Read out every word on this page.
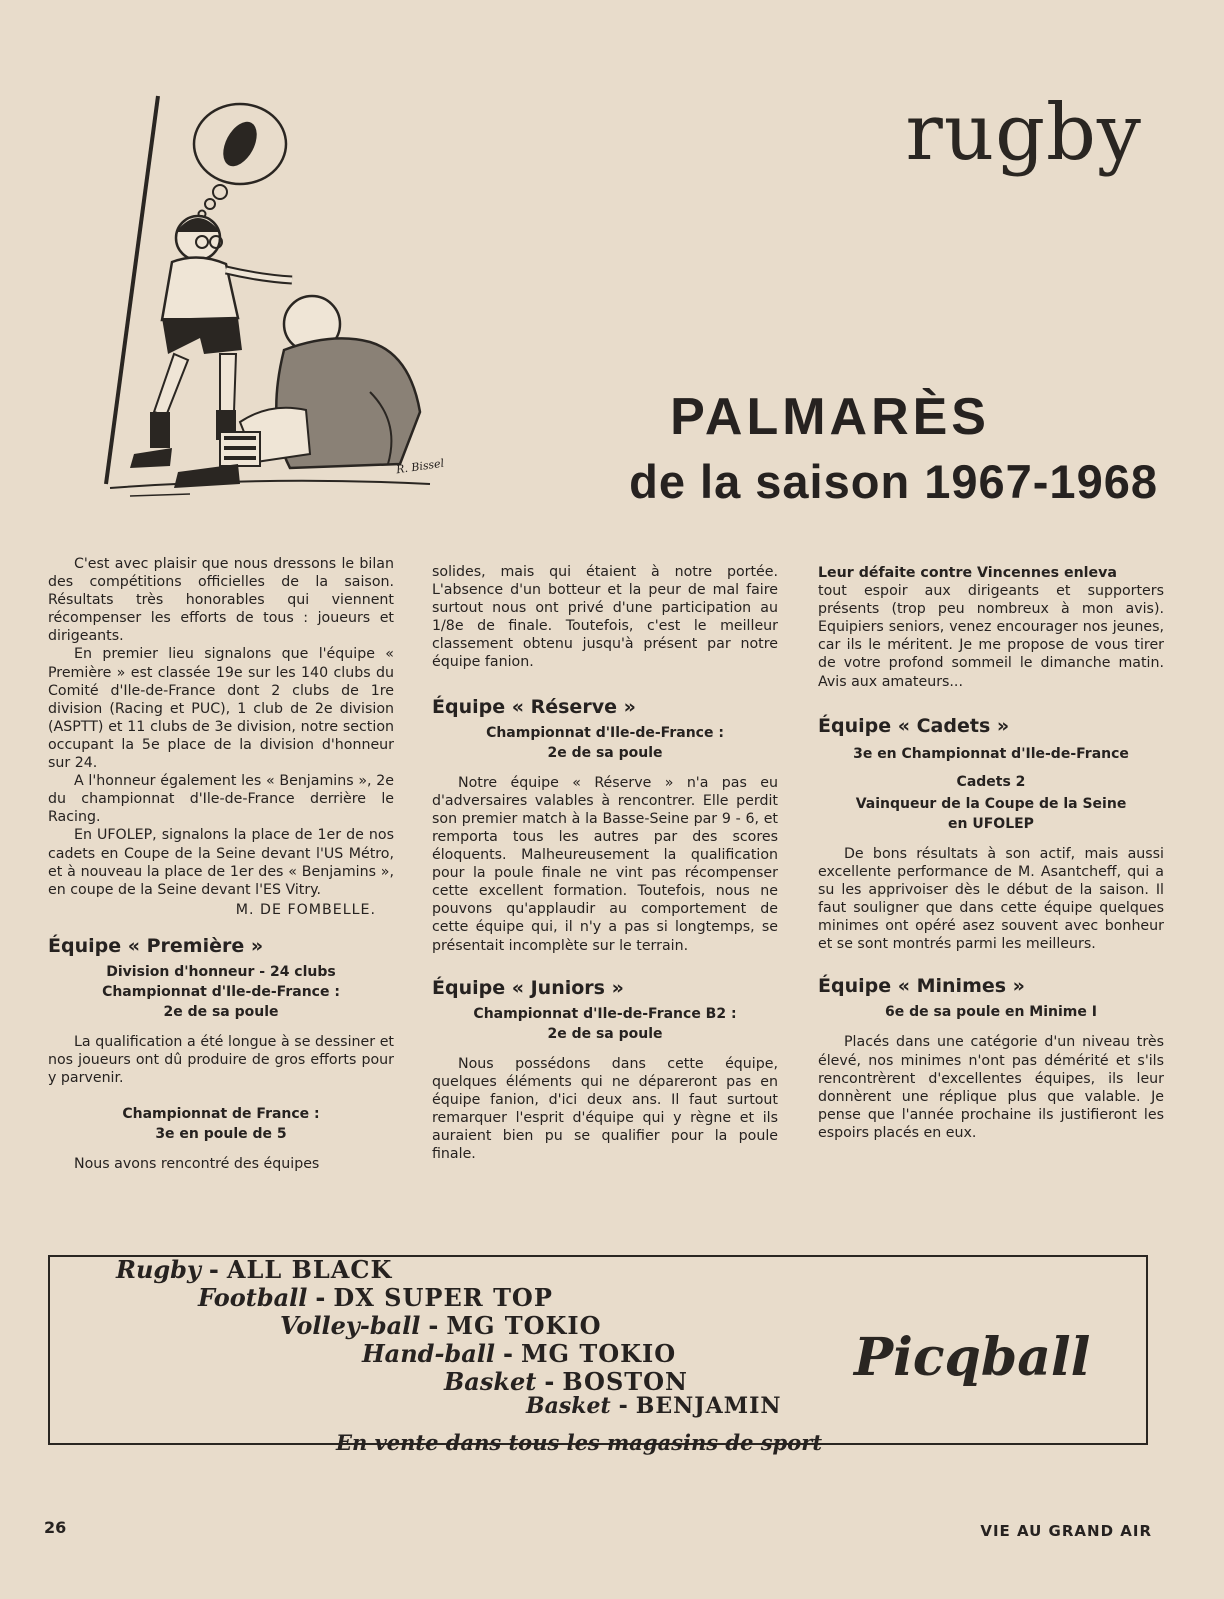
rugby
R. Bissel
PALMARÈS
de la saison 1967-1968

C'est avec plaisir que nous dressons le bilan des compétitions officielles de la saison. Résultats très honorables qui viennent récompenser les efforts de tous : joueurs et dirigeants.

En premier lieu signalons que l'équipe « Première » est classée 19e sur les 140 clubs du Comité d'Ile-de-France dont 2 clubs de 1re division (Racing et PUC), 1 club de 2e division (ASPTT) et 11 clubs de 3e division, notre section occupant la 5e place de la division d'honneur sur 24.

A l'honneur également les « Benjamins », 2e du championnat d'Ile-de-France derrière le Racing.

En UFOLEP, signalons la place de 1er de nos cadets en Coupe de la Seine devant l'US Métro, et à nouveau la place de 1er des « Benjamins », en coupe de la Seine devant l'ES Vitry.

M. DE FOMBELLE.
Équipe « Première »
Division d'honneur - 24 clubs
Championnat d'Ile-de-France :
2e de sa poule

La qualification a été longue à se dessiner et nos joueurs ont dû produire de gros efforts pour y parvenir.

Championnat de France :
3e en poule de 5

Nous avons rencontré des équipes

solides, mais qui étaient à notre portée. L'absence d'un botteur et la peur de mal faire surtout nous ont privé d'une participation au 1/8e de finale. Toutefois, c'est le meilleur classement obtenu jusqu'à présent par notre équipe fanion.

Équipe « Réserve »
Championnat d'Ile-de-France :
2e de sa poule

Notre équipe « Réserve » n'a pas eu d'adversaires valables à rencontrer. Elle perdit son premier match à la Basse-Seine par 9 - 6, et remporta tous les autres par des scores éloquents. Malheureusement la qualification pour la poule finale ne vint pas récompenser cette excellent formation. Toutefois, nous ne pouvons qu'applaudir au comportement de cette équipe qui, il n'y a pas si longtemps, se présentait incomplète sur le terrain.

Équipe « Juniors »
Championnat d'Ile-de-France B2 :
2e de sa poule

Nous possédons dans cette équipe, quelques éléments qui ne dépareront pas en équipe fanion, d'ici deux ans. Il faut surtout remarquer l'esprit d'équipe qui y règne et ils auraient bien pu se qualifier pour la poule finale.

Leur défaite contre Vincennes enleva

tout espoir aux dirigeants et supporters présents (trop peu nombreux à mon avis). Equipiers seniors, venez encourager nos jeunes, car ils le méritent. Je me propose de vous tirer de votre profond sommeil le dimanche matin. Avis aux amateurs...

Équipe « Cadets »
3e en Championnat d'Ile-de-France
Cadets 2
Vainqueur de la Coupe de la Seine
en UFOLEP

De bons résultats à son actif, mais aussi excellente performance de M. Asantcheff, qui a su les apprivoiser dès le début de la saison. Il faut souligner que dans cette équipe quelques minimes ont opéré asez souvent avec bonheur et se sont montrés parmi les meilleurs.

Équipe « Minimes »
6e de sa poule en Minime I

Placés dans une catégorie d'un niveau très élevé, nos minimes n'ont pas démérité et s'ils rencontrèrent d'excellentes équipes, ils leur donnèrent une réplique plus que valable. Je pense que l'année prochaine ils justifieront les espoirs placés en eux.

Rugby - ALL BLACK
Football - DX SUPER TOP
Volley-ball - MG TOKIO
Hand-ball - MG TOKIO
Basket - BOSTON
Basket - BENJAMIN
Picqball
En vente dans tous les magasins de sport
26	VIE AU GRAND AIR
